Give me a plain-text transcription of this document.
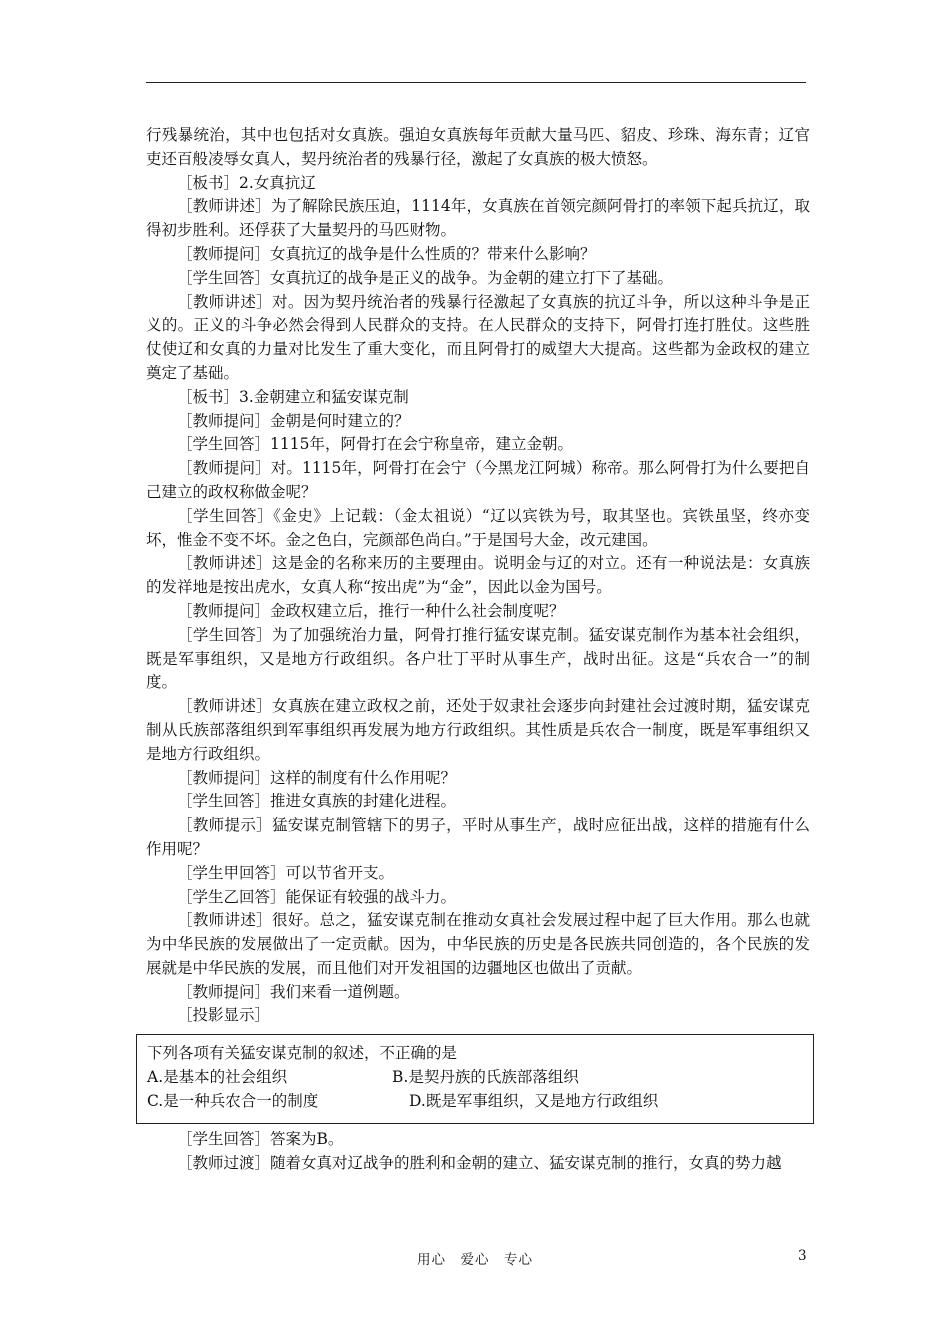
行残暴统治，其中也包括对女真族。强迫女真族每年贡献大量马匹、貂皮、珍珠、海东青；辽官吏还百般凌辱女真人，契丹统治者的残暴行径，激起了女真族的极大愤怒。

［板书］2.女真抗辽

［教师讲述］为了解除民族压迫，1114年，女真族在首领完颜阿骨打的率领下起兵抗辽，取得初步胜利。还俘获了大量契丹的马匹财物。

［教师提问］女真抗辽的战争是什么性质的？带来什么影响？

［学生回答］女真抗辽的战争是正义的战争。为金朝的建立打下了基础。

［教师讲述］对。因为契丹统治者的残暴行径激起了女真族的抗辽斗争，所以这种斗争是正义的。正义的斗争必然会得到人民群众的支持。在人民群众的支持下，阿骨打连打胜仗。这些胜仗使辽和女真的力量对比发生了重大变化，而且阿骨打的威望大大提高。这些都为金政权的建立奠定了基础。

［板书］3.金朝建立和猛安谋克制

［教师提问］金朝是何时建立的？

［学生回答］1115年，阿骨打在会宁称皇帝，建立金朝。

［教师提问］对。1115年，阿骨打在会宁（今黑龙江阿城）称帝。那么阿骨打为什么要把自己建立的政权称做金呢？

［学生回答］《金史》上记载：（金太祖说）“辽以宾铁为号，取其坚也。宾铁虽坚，终亦变坏，惟金不变不坏。金之色白，完颜部色尚白。”于是国号大金，改元建国。

［教师讲述］这是金的名称来历的主要理由。说明金与辽的对立。还有一种说法是：女真族的发祥地是按出虎水，女真人称“按出虎”为“金”，因此以金为国号。

［教师提问］金政权建立后，推行一种什么社会制度呢？

［学生回答］为了加强统治力量，阿骨打推行猛安谋克制。猛安谋克制作为基本社会组织，既是军事组织，又是地方行政组织。各户壮丁平时从事生产，战时出征。这是“兵农合一”的制度。

［教师讲述］女真族在建立政权之前，还处于奴隶社会逐步向封建社会过渡时期，猛安谋克制从氏族部落组织到军事组织再发展为地方行政组织。其性质是兵农合一制度，既是军事组织又是地方行政组织。

［教师提问］这样的制度有什么作用呢？

［学生回答］推进女真族的封建化进程。

［教师提示］猛安谋克制管辖下的男子，平时从事生产，战时应征出战，这样的措施有什么作用呢？

［学生甲回答］可以节省开支。

［学生乙回答］能保证有较强的战斗力。

［教师讲述］很好。总之，猛安谋克制在推动女真社会发展过程中起了巨大作用。那么也就为中华民族的发展做出了一定贡献。因为，中华民族的历史是各民族共同创造的，各个民族的发展就是中华民族的发展，而且他们对开发祖国的边疆地区也做出了贡献。

［教师提问］我们来看一道例题。

［投影显示］

下列各项有关猛安谋克制的叙述，不正确的是
A.是基本的社会组织	B.是契丹族的氏族部落组织
C.是一种兵农合一的制度	D.既是军事组织，又是地方行政组织

［学生回答］答案为B。

［教师过渡］随着女真对辽战争的胜利和金朝的建立、猛安谋克制的推行，女真的势力越

用心　爱心　专心	3
